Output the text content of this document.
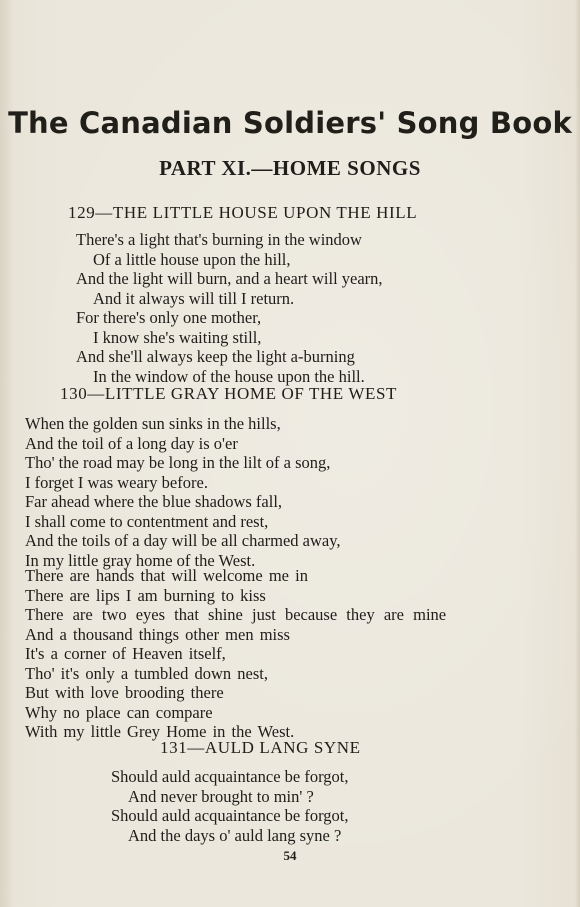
The Canadian Soldiers' Song Book
PART XI.—HOME SONGS
129—THE LITTLE HOUSE UPON THE HILL
There's a light that's burning in the window
Of a little house upon the hill,
And the light will burn, and a heart will yearn,
And it always will till I return.
For there's only one mother,
I know she's waiting still,
And she'll always keep the light a-burning
In the window of the house upon the hill.
130—LITTLE GRAY HOME OF THE WEST
When the golden sun sinks in the hills,
And the toil of a long day is o'er
Tho' the road may be long in the lilt of a song,
I forget I was weary before.
Far ahead where the blue shadows fall,
I shall come to contentment and rest,
And the toils of a day will be all charmed away,
In my little gray home of the West.
There are hands that will welcome me in
There are lips I am burning to kiss
There are two eyes that shine just because they are mine
And a thousand things other men miss
It's a corner of Heaven itself,
Tho' it's only a tumbled down nest,
But with love brooding there
Why no place can compare
With my little Grey Home in the West.
131—AULD LANG SYNE
Should auld acquaintance be forgot,
And never brought to min' ?
Should auld acquaintance be forgot,
And the days o' auld lang syne ?
54
